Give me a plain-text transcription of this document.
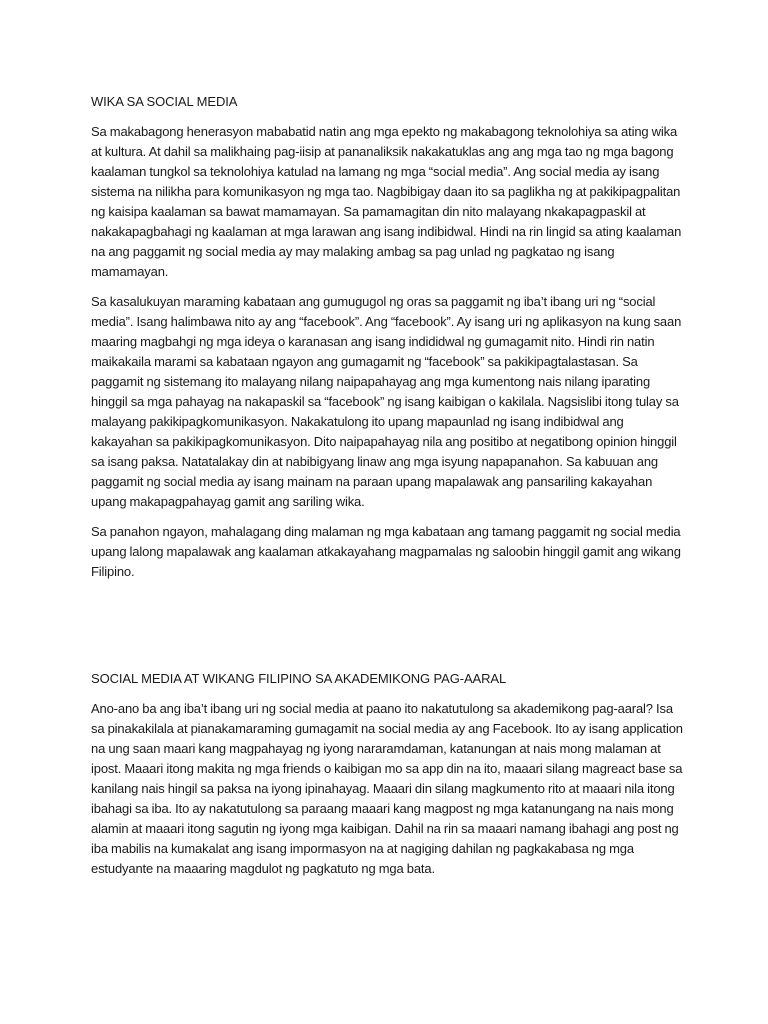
WIKA SA SOCIAL MEDIA

Sa makabagong henerasyon mababatid natin ang mga epekto ng makabagong teknolohiya sa ating wika at kultura. At dahil sa malikhaing pag-iisip at pananaliksik nakakatuklas ang ang mga tao ng mga bagong kaalaman tungkol sa teknolohiya katulad na lamang ng mga “social media”. Ang social media ay isang sistema na nilikha para komunikasyon ng mga tao. Nagbibigay daan ito sa paglikha ng at pakikipagpalitan ng kaisipa kaalaman sa bawat mamamayan. Sa pamamagitan din nito malayang nkakapagpaskil at nakakapagbahagi ng kaalaman at mga larawan ang isang indibidwal. Hindi na rin lingid sa ating kaalaman na ang paggamit ng social media ay may malaking ambag sa pag unlad ng pagkatao ng isang mamamayan.

Sa kasalukuyan maraming kabataan ang gumugugol ng oras sa paggamit ng iba’t ibang uri ng “social media”. Isang halimbawa nito ay ang “facebook”. Ang “facebook”. Ay isang uri ng aplikasyon na kung saan maaring magbahgi ng mga ideya o karanasan ang isang indididwal ng gumagamit nito. Hindi rin natin maikakaila marami sa kabataan ngayon ang gumagamit ng “facebook” sa pakikipagtalastasan. Sa paggamit ng sistemang ito malayang nilang naipapahayag ang mga kumentong nais nilang iparating hinggil sa mga pahayag na nakapaskil sa “facebook” ng isang kaibigan o kakilala. Nagsislibi itong tulay sa malayang pakikipagkomunikasyon. Nakakatulong ito upang mapaunlad ng isang indibidwal ang kakayahan sa pakikipagkomunikasyon. Dito naipapahayag nila ang positibo at negatibong opinion hinggil sa isang paksa. Natatalakay din at nabibigyang linaw ang mga isyung napapanahon. Sa kabuuan ang paggamit ng social media ay isang mainam na paraan upang mapalawak ang pansariling kakayahan upang makapagpahayag gamit ang sariling wika.

Sa panahon ngayon, mahalagang ding malaman ng mga kabataan ang tamang paggamit ng social media upang lalong mapalawak ang kaalaman atkakayahang magpamalas ng saloobin hinggil gamit ang wikang Filipino.

SOCIAL MEDIA AT WIKANG FILIPINO SA AKADEMIKONG PAG-AARAL

Ano-ano ba ang iba’t ibang uri ng social media at paano ito nakatutulong sa akademikong pag-aaral? Isa sa pinakakilala at pianakamaraming gumagamit na social media ay ang Facebook. Ito ay isang application na ung saan maari kang magpahayag ng iyong nararamdaman, katanungan at nais mong malaman at ipost. Maaari itong makita ng mga friends o kaibigan mo sa app din na ito, maaari silang magreact base sa kanilang nais hingil sa paksa na iyong ipinahayag. Maaari din silang magkumento rito at maaari nila itong ibahagi sa iba. Ito ay nakatutulong sa paraang maaari kang magpost ng mga katanungang na nais mong alamin at maaari itong sagutin ng iyong mga kaibigan. Dahil na rin sa maaari namang ibahagi ang post ng iba mabilis na kumakalat ang isang impormasyon na at nagiging dahilan ng pagkakabasa ng mga estudyante na maaaring magdulot ng pagkatuto ng mga bata.
